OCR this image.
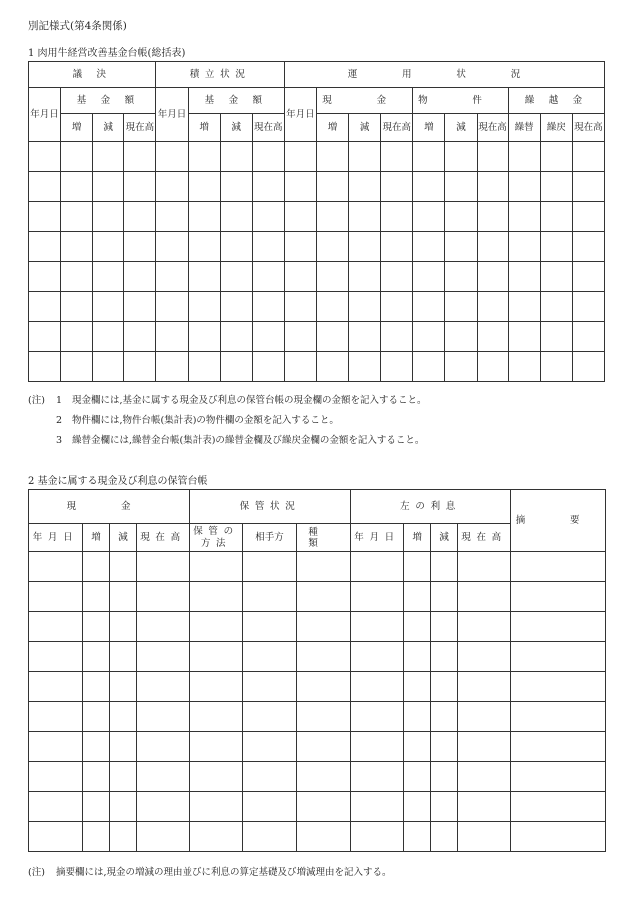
別記様式(第4条関係)
1 肉用牛経営改善基金台帳(総括表)
議 決				積立状況				運 用 状 況									
年月日	基 金 額			年月日	基 金 額			年月日	現 金			物 件			繰 越 金		
	増	減	現在高		増	減	現在高		増	減	現在高	増	減	現在高	繰替	繰戻	現在高

(注) 1 現金欄には,基金に属する現金及び利息の保管台帳の現金欄の金額を記入すること。
2 物件欄には,物件台帳(集計表)の物件欄の金額を記入すること。
3 繰替金欄には,繰替金台帳(集計表)の繰替金欄及び繰戻金欄の金額を記入すること。
2 基金に属する現金及び利息の保管台帳
現 金				保管状況			左の利息				摘 要
年月日	増	減	現在高	保管の方法	相手方	種 類	年月日	増	減	現在高	

(注) 摘要欄には,現金の増減の理由並びに利息の算定基礎及び増減理由を記入する。
